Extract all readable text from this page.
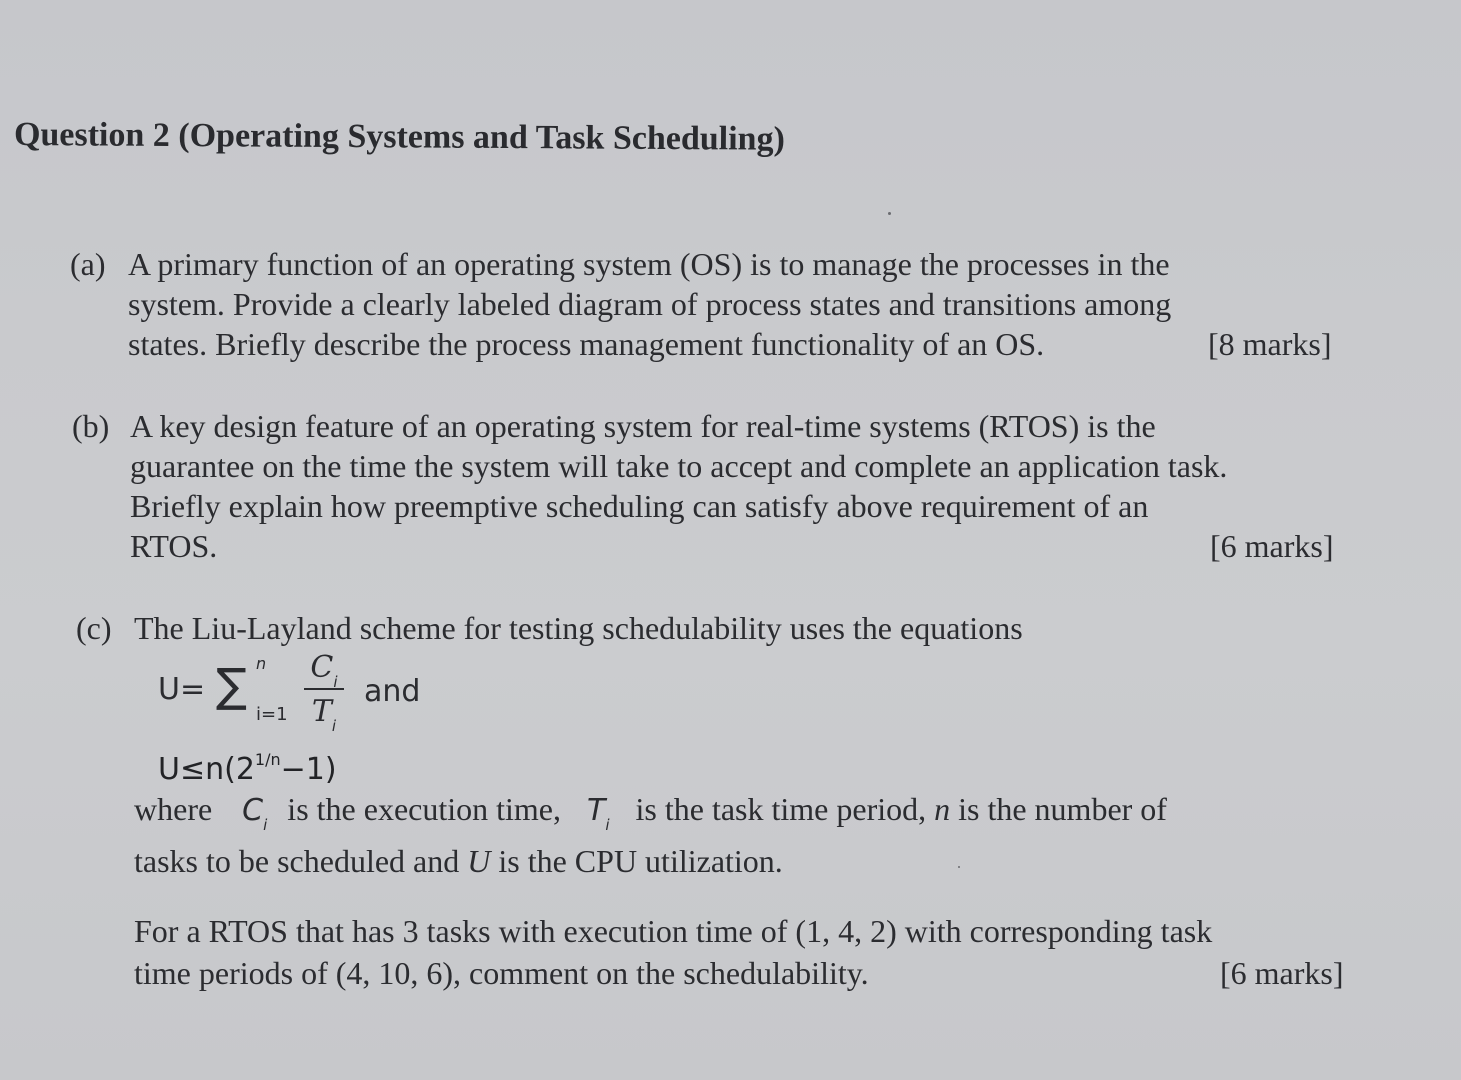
Question 2 (Operating Systems and Task Scheduling)
(a) A primary function of an operating system (OS) is to manage the processes in the
system. Provide a clearly labeled diagram of process states and transitions among
states. Briefly describe the process management functionality of an OS.	[8 marks]
(b) A key design feature of an operating system for real-time systems (RTOS) is the
guarantee on the time the system will take to accept and complete an application task.
Briefly explain how preemptive scheduling can satisfy above requirement of an
RTOS.	[6 marks]
(c) The Liu-Layland scheme for testing schedulability uses the equations
U= ∑ n
i=1
$C_i$
$T_i$
and
$U\le n(2^{1/n}-1)$
where $C_i$ is the execution time, $T_i$ is the task time period, n is the number of
tasks to be scheduled and U is the CPU utilization.
For a RTOS that has 3 tasks with execution time of (1, 4, 2) with corresponding task
time periods of (4, 10, 6), comment on the schedulability.	[6 marks]
